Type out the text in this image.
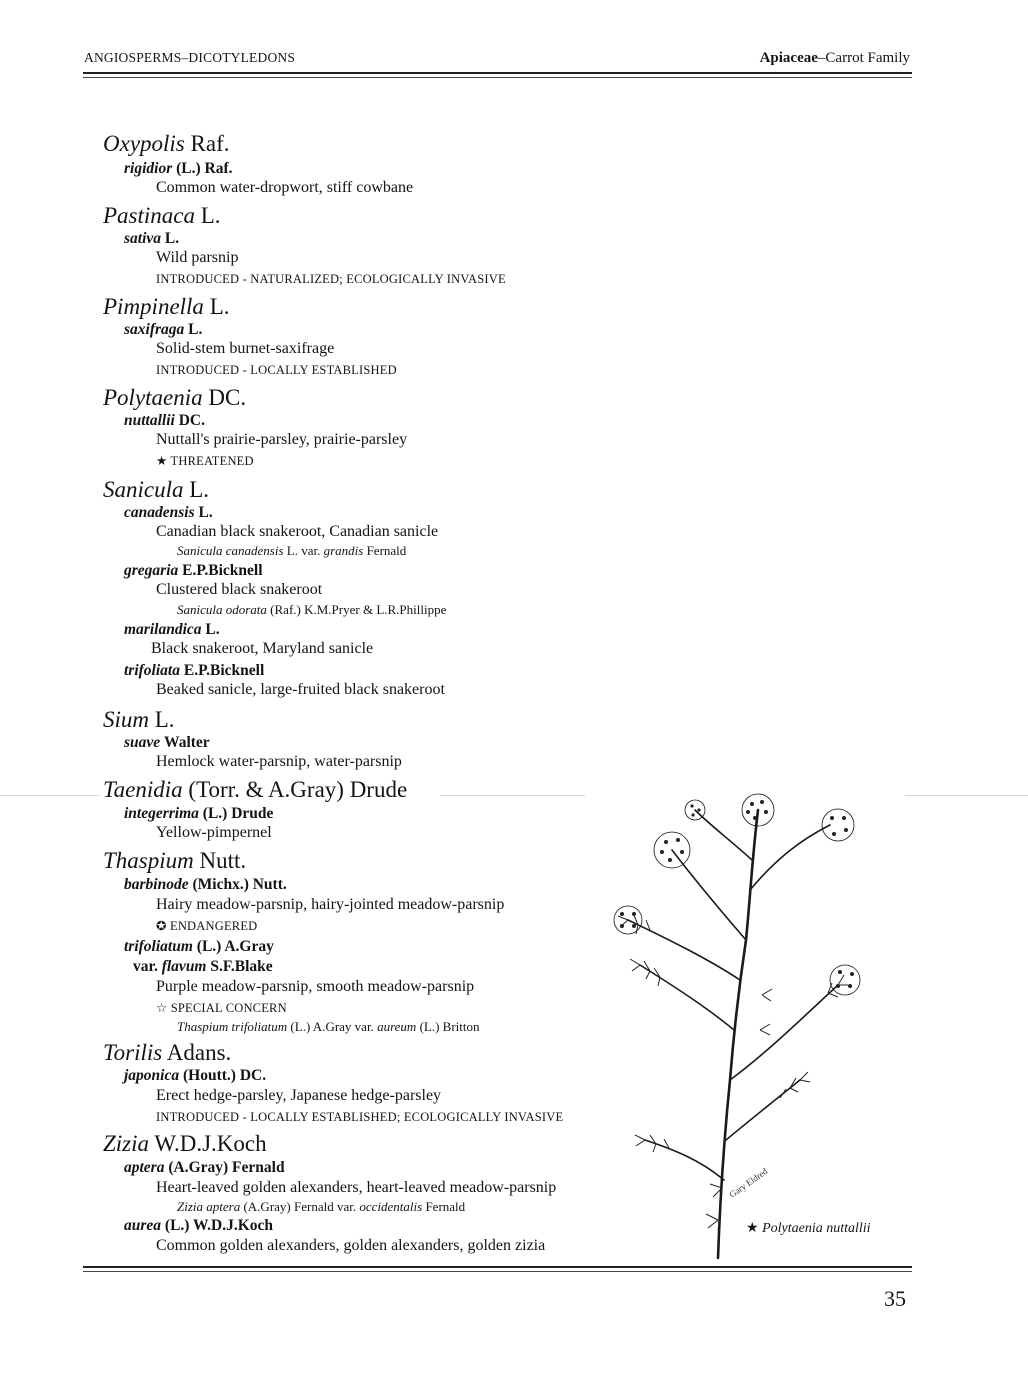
ANGIOSPERMS–DICOTYLEDONS	Apiaceae–Carrot Family
Oxypolis Raf.
rigidior (L.) Raf.
Common water-dropwort, stiff cowbane
Pastinaca L.
sativa L.
Wild parsnip
INTRODUCED - NATURALIZED; ECOLOGICALLY INVASIVE
Pimpinella L.
saxifraga L.
Solid-stem burnet-saxifrage
INTRODUCED - LOCALLY ESTABLISHED
Polytaenia DC.
nuttallii DC.
Nuttall's prairie-parsley, prairie-parsley
★ THREATENED
Sanicula L.
canadensis L.
Canadian black snakeroot, Canadian sanicle
Sanicula canadensis L. var. grandis Fernald
gregaria E.P.Bicknell
Clustered black snakeroot
Sanicula odorata (Raf.) K.M.Pryer & L.R.Phillippe
marilandica L.
Black snakeroot, Maryland sanicle
trifoliata E.P.Bicknell
Beaked sanicle, large-fruited black snakeroot
Sium L.
suave Walter
Hemlock water-parsnip, water-parsnip
Taenidia (Torr. & A.Gray) Drude
integerrima (L.) Drude
Yellow-pimpernel
Thaspium Nutt.
barbinode (Michx.) Nutt.
Hairy meadow-parsnip, hairy-jointed meadow-parsnip
✪ ENDANGERED
trifoliatum (L.) A.Gray
var. flavum S.F.Blake
Purple meadow-parsnip, smooth meadow-parsnip
☆ SPECIAL CONCERN
Thaspium trifoliatum (L.) A.Gray var. aureum (L.) Britton
Torilis Adans.
japonica (Houtt.) DC.
Erect hedge-parsley, Japanese hedge-parsley
INTRODUCED - LOCALLY ESTABLISHED; ECOLOGICALLY INVASIVE
Zizia W.D.J.Koch
aptera (A.Gray) Fernald
Heart-leaved golden alexanders, heart-leaved meadow-parsnip
Zizia aptera (A.Gray) Fernald var. occidentalis Fernald
aurea (L.) W.D.J.Koch
Common golden alexanders, golden alexanders, golden zizia
Gary Eldred
★ Polytaenia nuttallii
35
